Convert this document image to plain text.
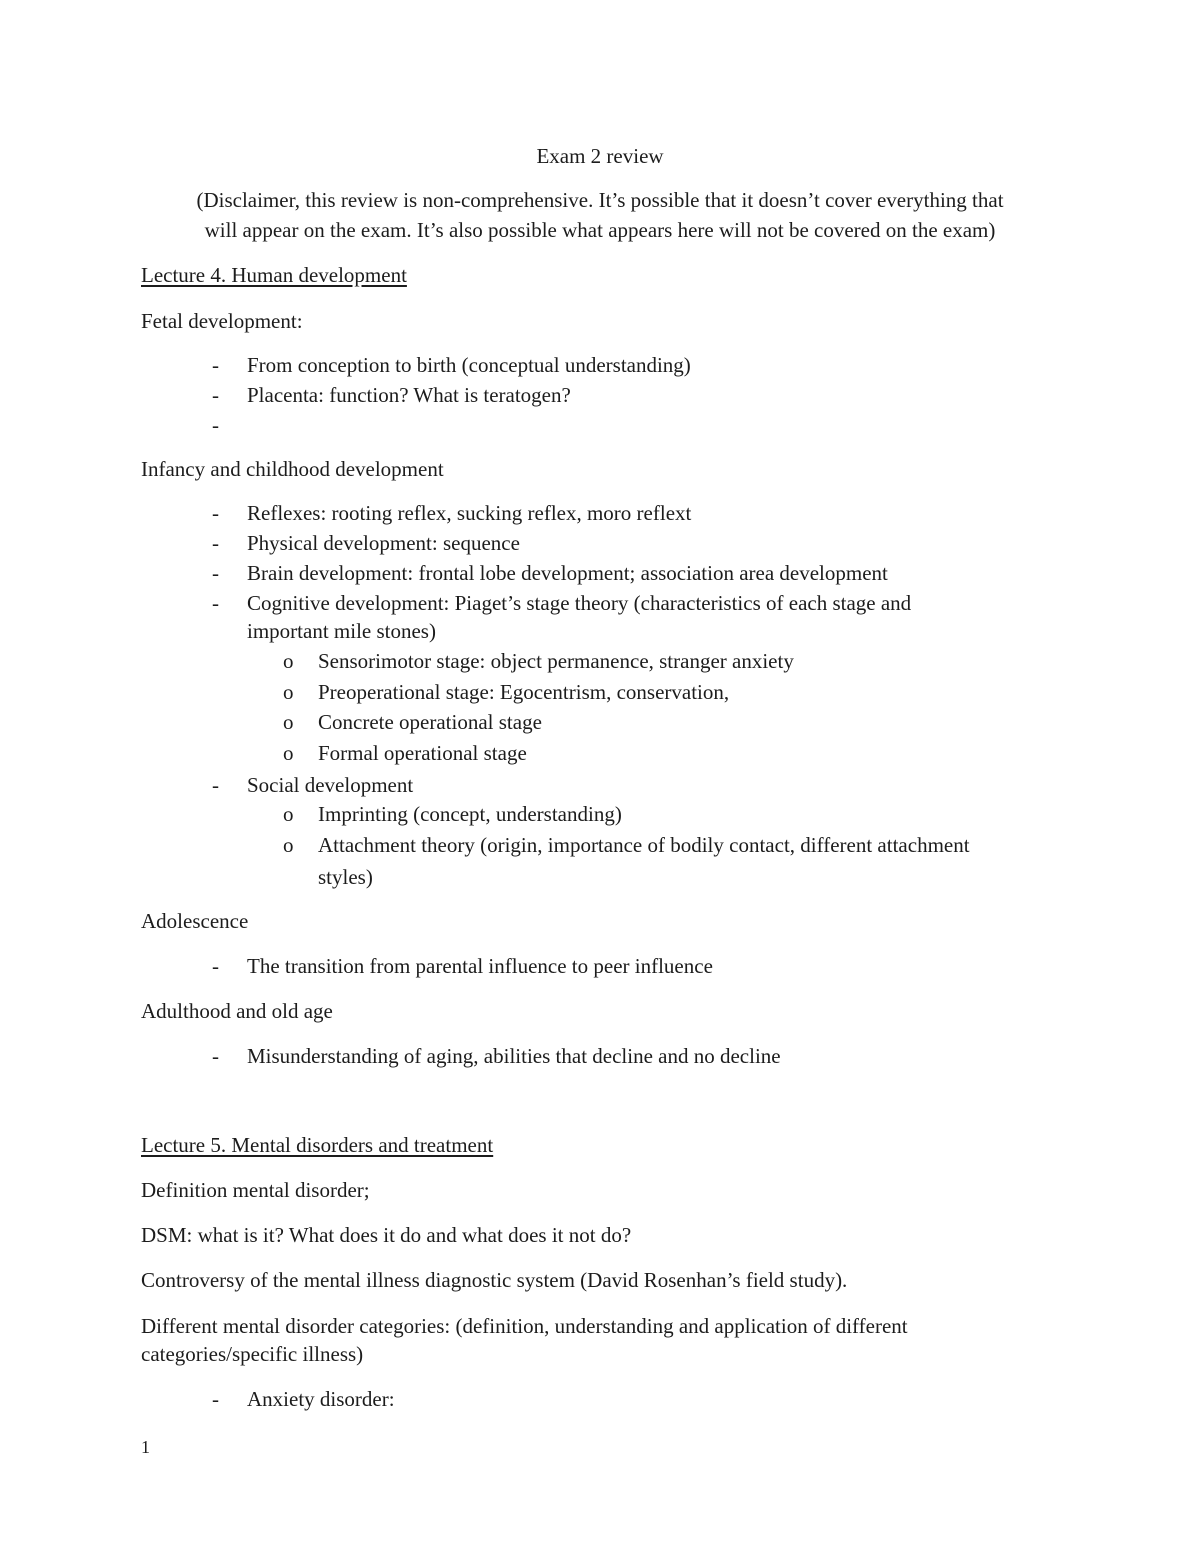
Exam 2 review
(Disclaimer, this review is non-comprehensive. It’s possible that it doesn’t cover everything that
will appear on the exam. It’s also possible what appears here will not be covered on the exam)
Lecture 4. Human development
Fetal development:
- From conception to birth (conceptual understanding)
- Placenta: function? What is teratogen?
-
Infancy and childhood development
- Reflexes: rooting reflex, sucking reflex, moro reflext
- Physical development: sequence
- Brain development: frontal lobe development; association area development
- Cognitive development: Piaget’s stage theory (characteristics of each stage and
important mile stones)
o Sensorimotor stage: object permanence, stranger anxiety
o Preoperational stage: Egocentrism, conservation,
o Concrete operational stage
o Formal operational stage
- Social development
o Imprinting (concept, understanding)
o Attachment theory (origin, importance of bodily contact, different attachment
styles)
Adolescence
- The transition from parental influence to peer influence
Adulthood and old age
- Misunderstanding of aging, abilities that decline and no decline
Lecture 5. Mental disorders and treatment
Definition mental disorder;
DSM: what is it? What does it do and what does it not do?
Controversy of the mental illness diagnostic system (David Rosenhan’s field study).
Different mental disorder categories: (definition, understanding and application of different
categories/specific illness)
- Anxiety disorder:
1
